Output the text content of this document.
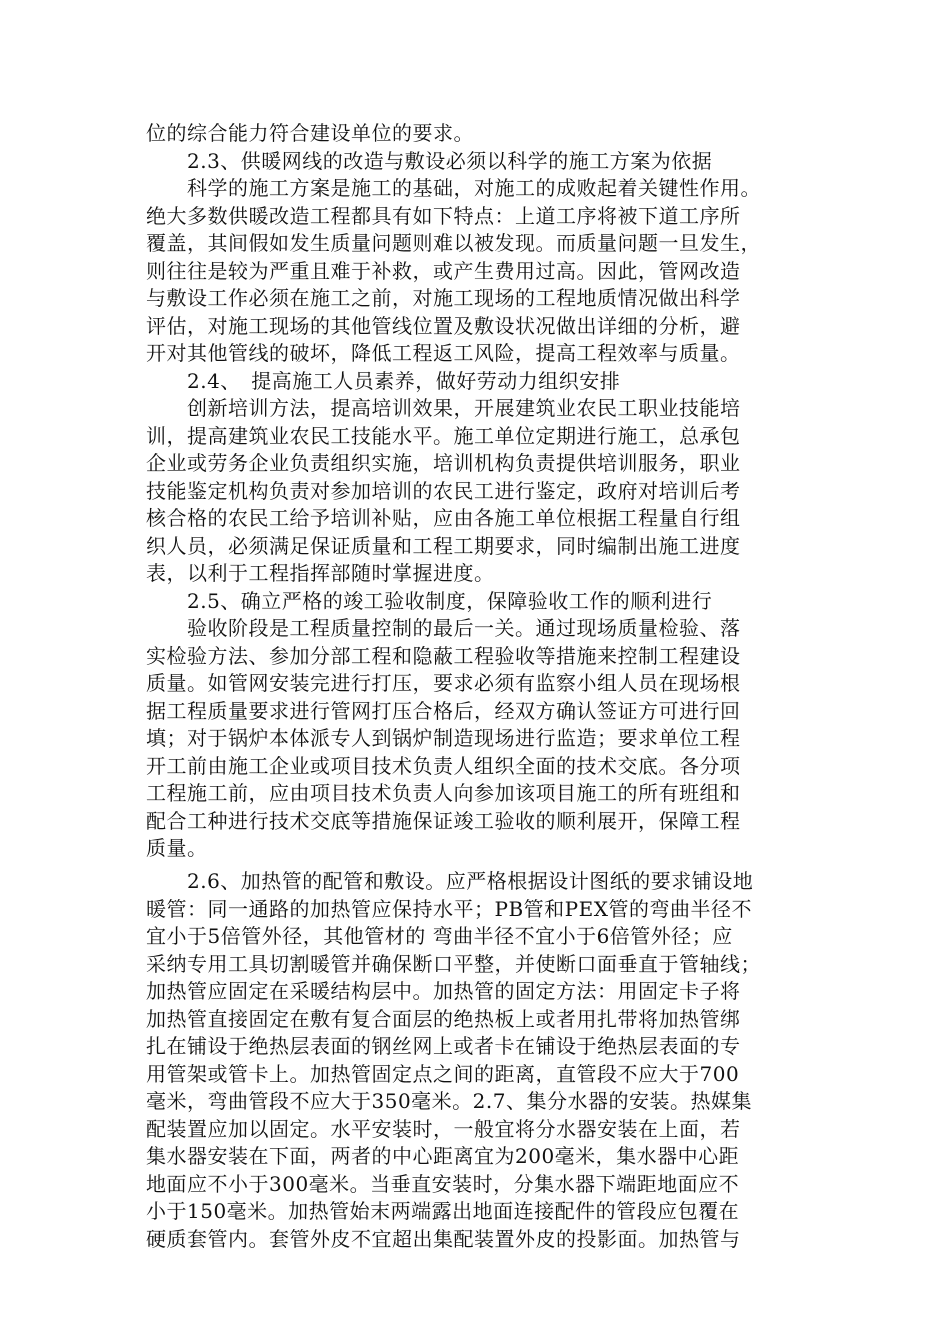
位的综合能力符合建设单位的要求。
　　2.3、供暖网线的改造与敷设必须以科学的施工方案为依据
　　科学的施工方案是施工的基础，对施工的成败起着关键性作用。
绝大多数供暖改造工程都具有如下特点：上道工序将被下道工序所
覆盖，其间假如发生质量问题则难以被发现。而质量问题一旦发生，
则往往是较为严重且难于补救，或产生费用过高。因此，管网改造
与敷设工作必须在施工之前，对施工现场的工程地质情况做出科学
评估，对施工现场的其他管线位置及敷设状况做出详细的分析，避
开对其他管线的破坏，降低工程返工风险，提高工程效率与质量。
　　2.4、　提高施工人员素养，做好劳动力组织安排
　　创新培训方法，提高培训效果，开展建筑业农民工职业技能培
训，提高建筑业农民工技能水平。施工单位定期进行施工，总承包
企业或劳务企业负责组织实施，培训机构负责提供培训服务，职业
技能鉴定机构负责对参加培训的农民工进行鉴定，政府对培训后考
核合格的农民工给予培训补贴，应由各施工单位根据工程量自行组
织人员，必须满足保证质量和工程工期要求，同时编制出施工进度
表，以利于工程指挥部随时掌握进度。
　　2.5、确立严格的竣工验收制度，保障验收工作的顺利进行
　　验收阶段是工程质量控制的最后一关。通过现场质量检验、落
实检验方法、参加分部工程和隐蔽工程验收等措施来控制工程建设
质量。如管网安装完进行打压，要求必须有监察小组人员在现场根
据工程质量要求进行管网打压合格后，经双方确认签证方可进行回
填；对于锅炉本体派专人到锅炉制造现场进行监造；要求单位工程
开工前由施工企业或项目技术负责人组织全面的技术交底。各分项
工程施工前，应由项目技术负责人向参加该项目施工的所有班组和
配合工种进行技术交底等措施保证竣工验收的顺利展开，保障工程
质量。
　　2.6、加热管的配管和敷设。应严格根据设计图纸的要求铺设地
暖管：同一通路的加热管应保持水平；PB管和PEX管的弯曲半径不
宜小于5倍管外径，其他管材的 弯曲半径不宜小于6倍管外径；应
采纳专用工具切割暖管并确保断口平整，并使断口面垂直于管轴线；
加热管应固定在采暖结构层中。加热管的固定方法：用固定卡子将
加热管直接固定在敷有复合面层的绝热板上或者用扎带将加热管绑
扎在铺设于绝热层表面的钢丝网上或者卡在铺设于绝热层表面的专
用管架或管卡上。加热管固定点之间的距离，直管段不应大于700
毫米，弯曲管段不应大于350毫米。2.7、集分水器的安装。热媒集
配装置应加以固定。水平安装时，一般宜将分水器安装在上面，若
集水器安装在下面，两者的中心距离宜为200毫米，集水器中心距
地面应不小于300毫米。当垂直安装时，分集水器下端距地面应不
小于150毫米。加热管始末两端露出地面连接配件的管段应包覆在
硬质套管内。套管外皮不宜超出集配装置外皮的投影面。加热管与
